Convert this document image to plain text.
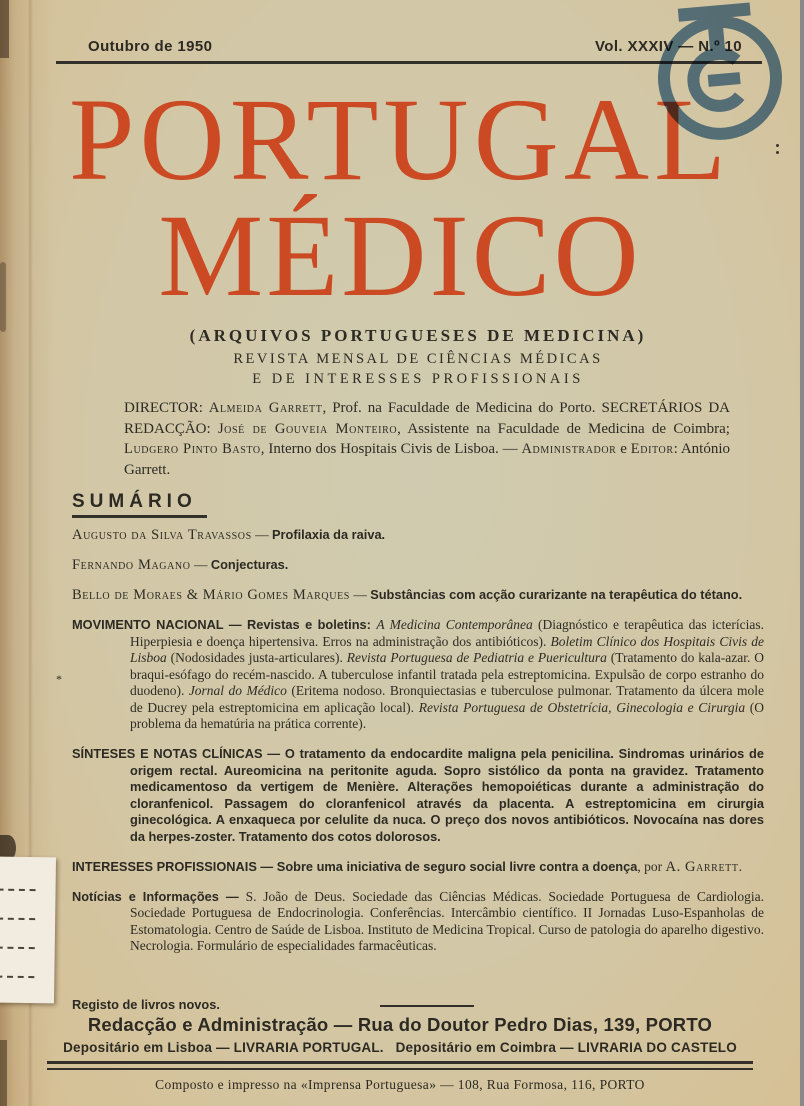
Outubro de 1950	Vol. XXXIV — N.º 10
PORTUGAL
MÉDICO
(ARQUIVOS PORTUGUESES DE MEDICINA)
REVISTA MENSAL DE CIÊNCIAS MÉDICAS
E DE INTERESSES PROFISSIONAIS

DIRECTOR: Almeida Garrett, Prof. na Faculdade de Medicina do Porto. SECRETÁRIOS DA REDACÇÃO: José de Gouveia Monteiro, Assistente na Faculdade de Medicina de Coimbra; Ludgero Pinto Basto, Interno dos Hospitais Civis de Lisboa. — Administrador e Editor: António Garrett.

SUMÁRIO

Augusto da Silva Travassos — Profilaxia da raiva.

Fernando Magano — Conjecturas.

Bello de Moraes & Mário Gomes Marques — Substâncias com acção curarizante na terapêutica do tétano.

*
MOVIMENTO NACIONAL — Revistas e boletins: A Medicina Contemporânea (Diagnóstico e terapêutica das icterícias. Hiperpiesia e doença hipertensiva. Erros na administração dos antibióticos). Boletim Clínico dos Hospitais Civis de Lisboa (Nodosidades justa-articulares). Revista Portuguesa de Pediatria e Puericultura (Tratamento do kala-azar. O braqui-esófago do recém-nascido. A tuberculose infantil tratada pela estreptomicina. Expulsão de corpo estranho do duodeno). Jornal do Médico (Eritema nodoso. Bronquiectasias e tuberculose pulmonar. Tratamento da úlcera mole de Ducrey pela estreptomicina em aplicação local). Revista Portuguesa de Obstetrícia, Ginecologia e Cirurgia (O problema da hematúria na prática corrente).

SÍNTESES E NOTAS CLÍNICAS — O tratamento da endocardite maligna pela penicilina. Sindromas urinários de origem rectal. Aureomicina na peritonite aguda. Sopro sistólico da ponta na gravidez. Tratamento medicamentoso da vertigem de Menière. Alterações hemopoiéticas durante a administração do cloranfenicol. Passagem do cloranfenicol através da placenta. A estreptomicina em cirurgia ginecológica. A enxaqueca por celulite da nuca. O preço dos novos antibióticos. Novocaína nas dores da herpes-zoster. Tratamento dos cotos dolorosos.

INTERESSES PROFISSIONAIS — Sobre uma iniciativa de seguro social livre contra a doença, por A. Garrett.

Notícias e Informações — S. João de Deus. Sociedade das Ciências Médicas. Sociedade Portuguesa de Cardiologia. Sociedade Portuguesa de Endocrinologia. Conferências. Intercâmbio científico. II Jornadas Luso-Espanholas de Estomatologia. Centro de Saúde de Lisboa. Instituto de Medicina Tropical. Curso de patologia do aparelho digestivo. Necrologia. Formulário de especialidades farmacêuticas.

Registo de livros novos.
Redacção e Administração — Rua do Doutor Pedro Dias, 139, PORTO
Depositário em Lisboa — LIVRARIA PORTUGAL.   Depositário em Coimbra — LIVRARIA DO CASTELO
Composto e impresso na «Imprensa Portuguesa» — 108, Rua Formosa, 116, PORTO
